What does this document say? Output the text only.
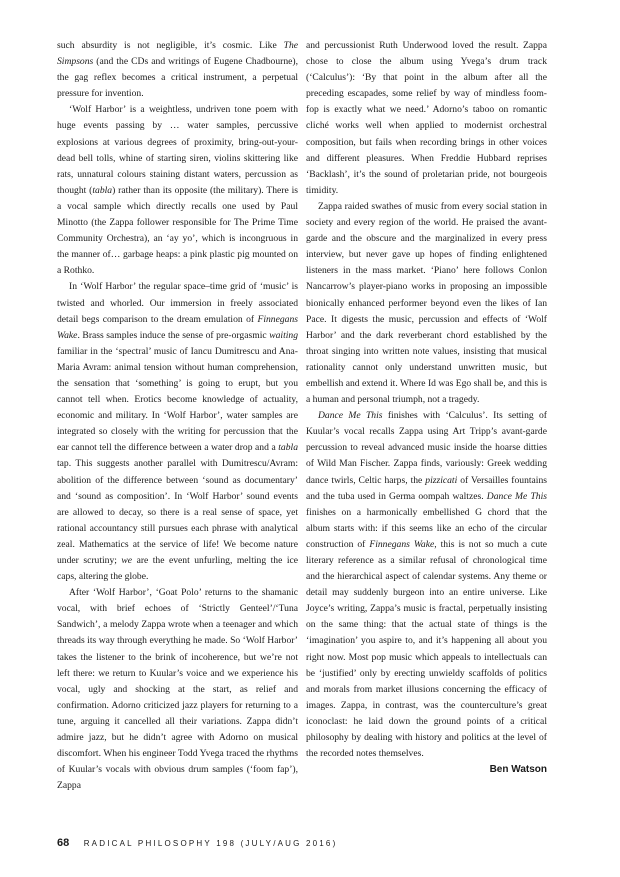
such absurdity is not negligible, it’s cosmic. Like The Simpsons (and the CDs and writings of Eugene Chadbourne), the gag reflex becomes a critical instrument, a perpetual pressure for invention.

‘Wolf Harbor’ is a weightless, undriven tone poem with huge events passing by … water samples, percussive explosions at various degrees of proximity, bring-out-your-dead bell tolls, whine of starting siren, violins skittering like rats, unnatural colours staining distant waters, percussion as thought (tabla) rather than its opposite (the military). There is a vocal sample which directly recalls one used by Paul Minotto (the Zappa follower responsible for The Prime Time Community Orchestra), an ‘ay yo’, which is incongruous in the manner of… garbage heaps: a pink plastic pig mounted on a Rothko.

In ‘Wolf Harbor’ the regular space–time grid of ‘music’ is twisted and whorled. Our immersion in freely associated detail begs comparison to the dream emulation of Finnegans Wake. Brass samples induce the sense of pre-orgasmic waiting familiar in the ‘spectral’ music of Iancu Dumitrescu and Ana-Maria Avram: animal tension without human comprehension, the sensation that ‘something’ is going to erupt, but you cannot tell when. Erotics become knowledge of actuality, economic and military. In ‘Wolf Harbor’, water samples are integrated so closely with the writing for percussion that the ear cannot tell the difference between a water drop and a tabla tap. This suggests another parallel with Dumitrescu/Avram: abolition of the difference between ‘sound as documentary’ and ‘sound as composition’. In ‘Wolf Harbor’ sound events are allowed to decay, so there is a real sense of space, yet rational accountancy still pursues each phrase with analytical zeal. Mathematics at the service of life! We become nature under scrutiny; we are the event unfurling, melting the ice caps, altering the globe.

After ‘Wolf Harbor’, ‘Goat Polo’ returns to the shamanic vocal, with brief echoes of ‘Strictly Genteel’/‘Tuna Sandwich’, a melody Zappa wrote when a teenager and which threads its way through everything he made. So ‘Wolf Harbor’ takes the listener to the brink of incoherence, but we’re not left there: we return to Kuular’s voice and we experience his vocal, ugly and shocking at the start, as relief and confirmation. Adorno criticized jazz players for returning to a tune, arguing it cancelled all their variations. Zappa didn’t admire jazz, but he didn’t agree with Adorno on musical discomfort. When his engineer Todd Yvega traced the rhythms of Kuular’s vocals with obvious drum samples (‘foom fap’), Zappa

and percussionist Ruth Underwood loved the result. Zappa chose to close the album using Yvega’s drum track (‘Calculus’): ‘By that point in the album after all the preceding escapades, some relief by way of mindless foom-fop is exactly what we need.’ Adorno’s taboo on romantic cliché works well when applied to modernist orchestral composition, but fails when recording brings in other voices and different pleasures. When Freddie Hubbard reprises ‘Backlash’, it’s the sound of proletarian pride, not bourgeois timidity.

Zappa raided swathes of music from every social station in society and every region of the world. He praised the avant-garde and the obscure and the marginalized in every press interview, but never gave up hopes of finding enlightened listeners in the mass market. ‘Piano’ here follows Conlon Nancarrow’s player-piano works in proposing an impossible bionically enhanced performer beyond even the likes of Ian Pace. It digests the music, percussion and effects of ‘Wolf Harbor’ and the dark reverberant chord established by the throat singing into written note values, insisting that musical rationality cannot only understand unwritten music, but embellish and extend it. Where Id was Ego shall be, and this is a human and personal triumph, not a tragedy.

Dance Me This finishes with ‘Calculus’. Its setting of Kuular’s vocal recalls Zappa using Art Tripp’s avant-garde percussion to reveal advanced music inside the hoarse ditties of Wild Man Fischer. Zappa finds, variously: Greek wedding dance twirls, Celtic harps, the pizzicati of Versailles fountains and the tuba used in Germa oompah waltzes. Dance Me This finishes on a harmonically embellished G chord that the album starts with: if this seems like an echo of the circular construction of Finnegans Wake, this is not so much a cute literary reference as a similar refusal of chronological time and the hierarchical aspect of calendar systems. Any theme or detail may suddenly burgeon into an entire universe. Like Joyce’s writing, Zappa’s music is fractal, perpetually insisting on the same thing: that the actual state of things is the ‘imagination’ you aspire to, and it’s happening all about you right now. Most pop music which appeals to intellectuals can be ‘justified’ only by erecting unwieldy scaffolds of politics and morals from market illusions concerning the efficacy of images. Zappa, in contrast, was the counterculture’s great iconoclast: he laid down the ground points of a critical philosophy by dealing with history and politics at the level of the recorded notes themselves.

Ben Watson

68 RADICAL PHILOSOPHY 198 (JULY/AUG 2016)
